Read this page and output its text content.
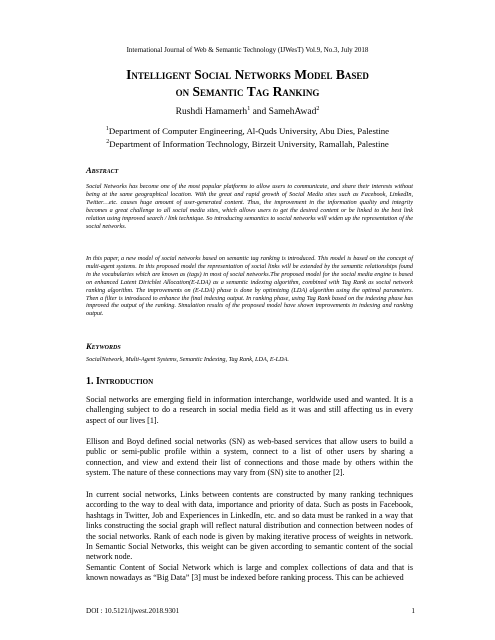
International Journal of Web & Semantic Technology (IJWesT) Vol.9, No.3, July 2018
Intelligent Social Networks Model Based
on Semantic Tag Ranking
Rushdi Hamamerh$^1$ and SamehAwad$^2$
$^1$Department of Computer Engineering, Al-Quds University, Abu Dies, Palestine
$^2$Department of Information Technology, Birzeit University, Ramallah, Palestine
Abstract

Social Networks has become one of the most popular platforms to allow users to communicate, and share their interests without being at the same geographical location. With the great and rapid growth of Social Media sites such as Facebook, LinkedIn, Twitter…etc. causes huge amount of user-generated content. Thus, the improvement in the information quality and integrity becomes a great challenge to all social media sites, which allows users to get the desired content or be linked to the best link relation using improved search / link technique. So introducing semantics to social networks will widen up the representation of the social networks.

In this paper, a new model of social networks based on semantic tag ranking is introduced. This model is based on the concept of multi-agent systems. In this proposed model the representation of social links will be extended by the semantic relationships found in the vocabularies which are known as (tags) in most of social networks.The proposed model for the social media engine is based on enhanced Latent Dirichlet Allocation(E-LDA) as a semantic indexing algorithm, combined with Tag Rank as social network ranking algorithm. The improvements on (E-LDA) phase is done by optimizing (LDA) algorithm using the optimal parameters. Then a filter is introduced to enhance the final indexing output. In ranking phase, using Tag Rank based on the indexing phase has improved the output of the ranking. Simulation results of the proposed model have shown improvements in indexing and ranking output.

Keywords

SocialNetwork, Multi-Agent Systems, Semantic Indexing, Tag Rank, LDA, E-LDA.

1. Introduction

Social networks are emerging field in information interchange, worldwide used and wanted. It is a challenging subject to do a research in social media field as it was and still affecting us in every aspect of our lives [1].

Ellison and Boyd defined social networks (SN) as web-based services that allow users to build a public or semi-public profile within a system, connect to a list of other users by sharing a connection, and view and extend their list of connections and those made by others within the system. The nature of these connections may vary from (SN) site to another [2].

In current social networks, Links between contents are constructed by many ranking techniques according to the way to deal with data, importance and priority of data. Such as posts in Facebook, hashtags in Twitter, Job and Experiences in LinkedIn, etc. and so data must be ranked in a way that links constructing the social graph will reflect natural distribution and connection between nodes of the social networks. Rank of each node is given by making iterative process of weights in network. In Semantic Social Networks, this weight can be given according to semantic content of the social network node.

Semantic Content of Social Network which is large and complex collections of data and that is known nowadays as “Big Data” [3] must be indexed before ranking process. This can be achieved

DOI : 10.5121/ijwest.2018.9301	1
